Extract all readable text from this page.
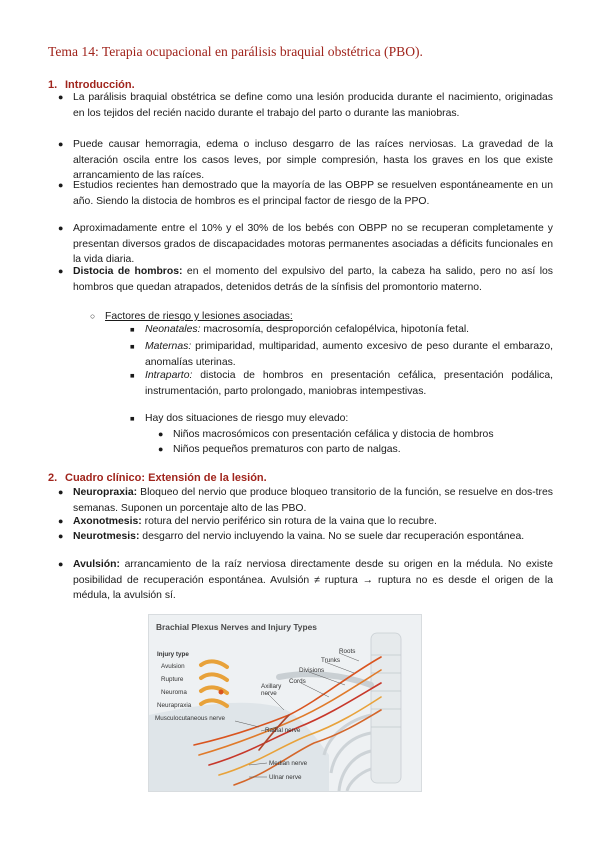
Tema 14: Terapia ocupacional en parálisis braquial obstétrica (PBO).
1. Introducción.
● La parálisis braquial obstétrica se define como una lesión producida durante el nacimiento, originadas en los tejidos del recién nacido durante el trabajo del parto o durante las maniobras.
● Puede causar hemorragia, edema o incluso desgarro de las raíces nerviosas. La gravedad de la alteración oscila entre los casos leves, por simple compresión, hasta los graves en los que existe arrancamiento de las raíces.
● Estudios recientes han demostrado que la mayoría de las OBPP se resuelven espontáneamente en un año. Siendo la distocia de hombros es el principal factor de riesgo de la PPO.
● Aproximadamente entre el 10% y el 30% de los bebés con OBPP no se recuperan completamente y presentan diversos grados de discapacidades motoras permanentes asociadas a déficits funcionales en la vida diaria.
● Distocia de hombros: en el momento del expulsivo del parto, la cabeza ha salido, pero no así los hombros que quedan atrapados, detenidos detrás de la sínfisis del promontorio materno.
○ Factores de riesgo y lesiones asociadas:
■ Neonatales: macrosomía, desproporción cefalopélvica, hipotonía fetal.
■ Maternas: primiparidad, multiparidad, aumento excesivo de peso durante el embarazo, anomalías uterinas.
■ Intraparto: distocia de hombros en presentación cefálica, presentación podálica, instrumentación, parto prolongado, maniobras intempestivas.
■ Hay dos situaciones de riesgo muy elevado:
● Niños macrosómicos con presentación cefálica y distocia de hombros
● Niños pequeños prematuros con parto de nalgas.
2. Cuadro clínico: Extensión de la lesión.
● Neuropraxia: Bloqueo del nervio que produce bloqueo transitorio de la función, se resuelve en dos-tres semanas. Suponen un porcentaje alto de las PBO.
● Axonotmesis: rotura del nervio periférico sin rotura de la vaina que lo recubre.
● Neurotmesis: desgarro del nervio incluyendo la vaina. No se suele dar recuperación espontánea.
● Avulsión: arrancamiento de la raíz nerviosa directamente desde su origen en la médula. No existe posibilidad de recuperación espontánea. Avulsión ≠ ruptura → ruptura no es desde el origen de la médula, la avulsión sí.
Brachial Plexus Nerves and Injury Types
Injury type
Avulsion
Rupture
Neuroma
Neurapraxia
Roots
Trunks
Divisions
Cords
Axillary nerve
Musculocutaneous nerve
Radial nerve
Median nerve
Ulnar nerve
